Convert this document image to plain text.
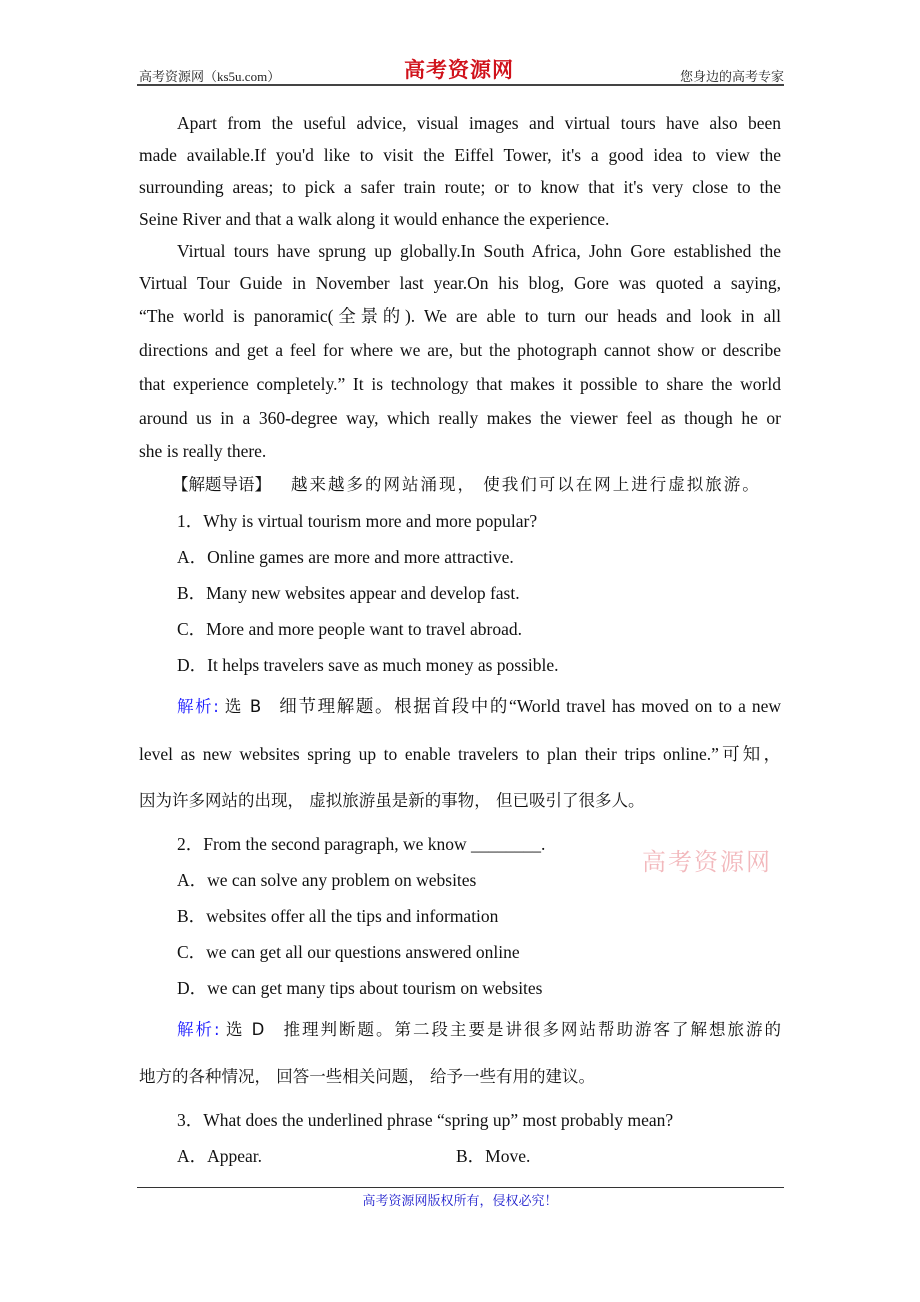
高考资源网（ks5u.com）	高考资源网	您身边的高考专家
Apart from the useful advice, visual images and virtual tours have also been
made available.If you'd like to visit the Eiffel Tower, it's a good idea to view the
surrounding areas; to pick a safer train route; or to know that it's very close to the
Seine River and that a walk along it would enhance the experience.
Virtual tours have sprung up globally.In South Africa, John Gore established the
Virtual Tour Guide in November last year.On his blog, Gore was quoted a saying,
“The world is panoramic(全景的). We are able to turn our heads and look in all
directions and get a feel for where we are, but the photograph cannot show or describe
that experience completely.” It is technology that makes it possible to share the world
around us in a 360-degree way, which really makes the viewer feel as though he or
she is really there.
【解题导语】 越来越多的网站涌现， 使我们可以在网上进行虚拟旅游。
1．Why is virtual tourism more and more popular?
A．Online games are more and more attractive.
B．Many new websites appear and develop fast.
C．More and more people want to travel abroad.
D．It helps travelers save as much money as possible.
解析: 选 B 细节理解题。根据首段中的“World travel has moved on to a new
level as new websites spring up to enable travelers to plan their trips online.”可知，
因为许多网站的出现， 虚拟旅游虽是新的事物， 但已吸引了很多人。
2．From the second paragraph, we know ________.
高考资源网
A．we can solve any problem on websites
B．websites offer all the tips and information
C．we can get all our questions answered online
D．we can get many tips about tourism on websites
解析: 选 D 推理判断题。第二段主要是讲很多网站帮助游客了解想旅游的
地方的各种情况， 回答一些相关问题， 给予一些有用的建议。
3．What does the underlined phrase “spring up” most probably mean?
A．Appear.	B．Move.
高考资源网版权所有，侵权必究！
